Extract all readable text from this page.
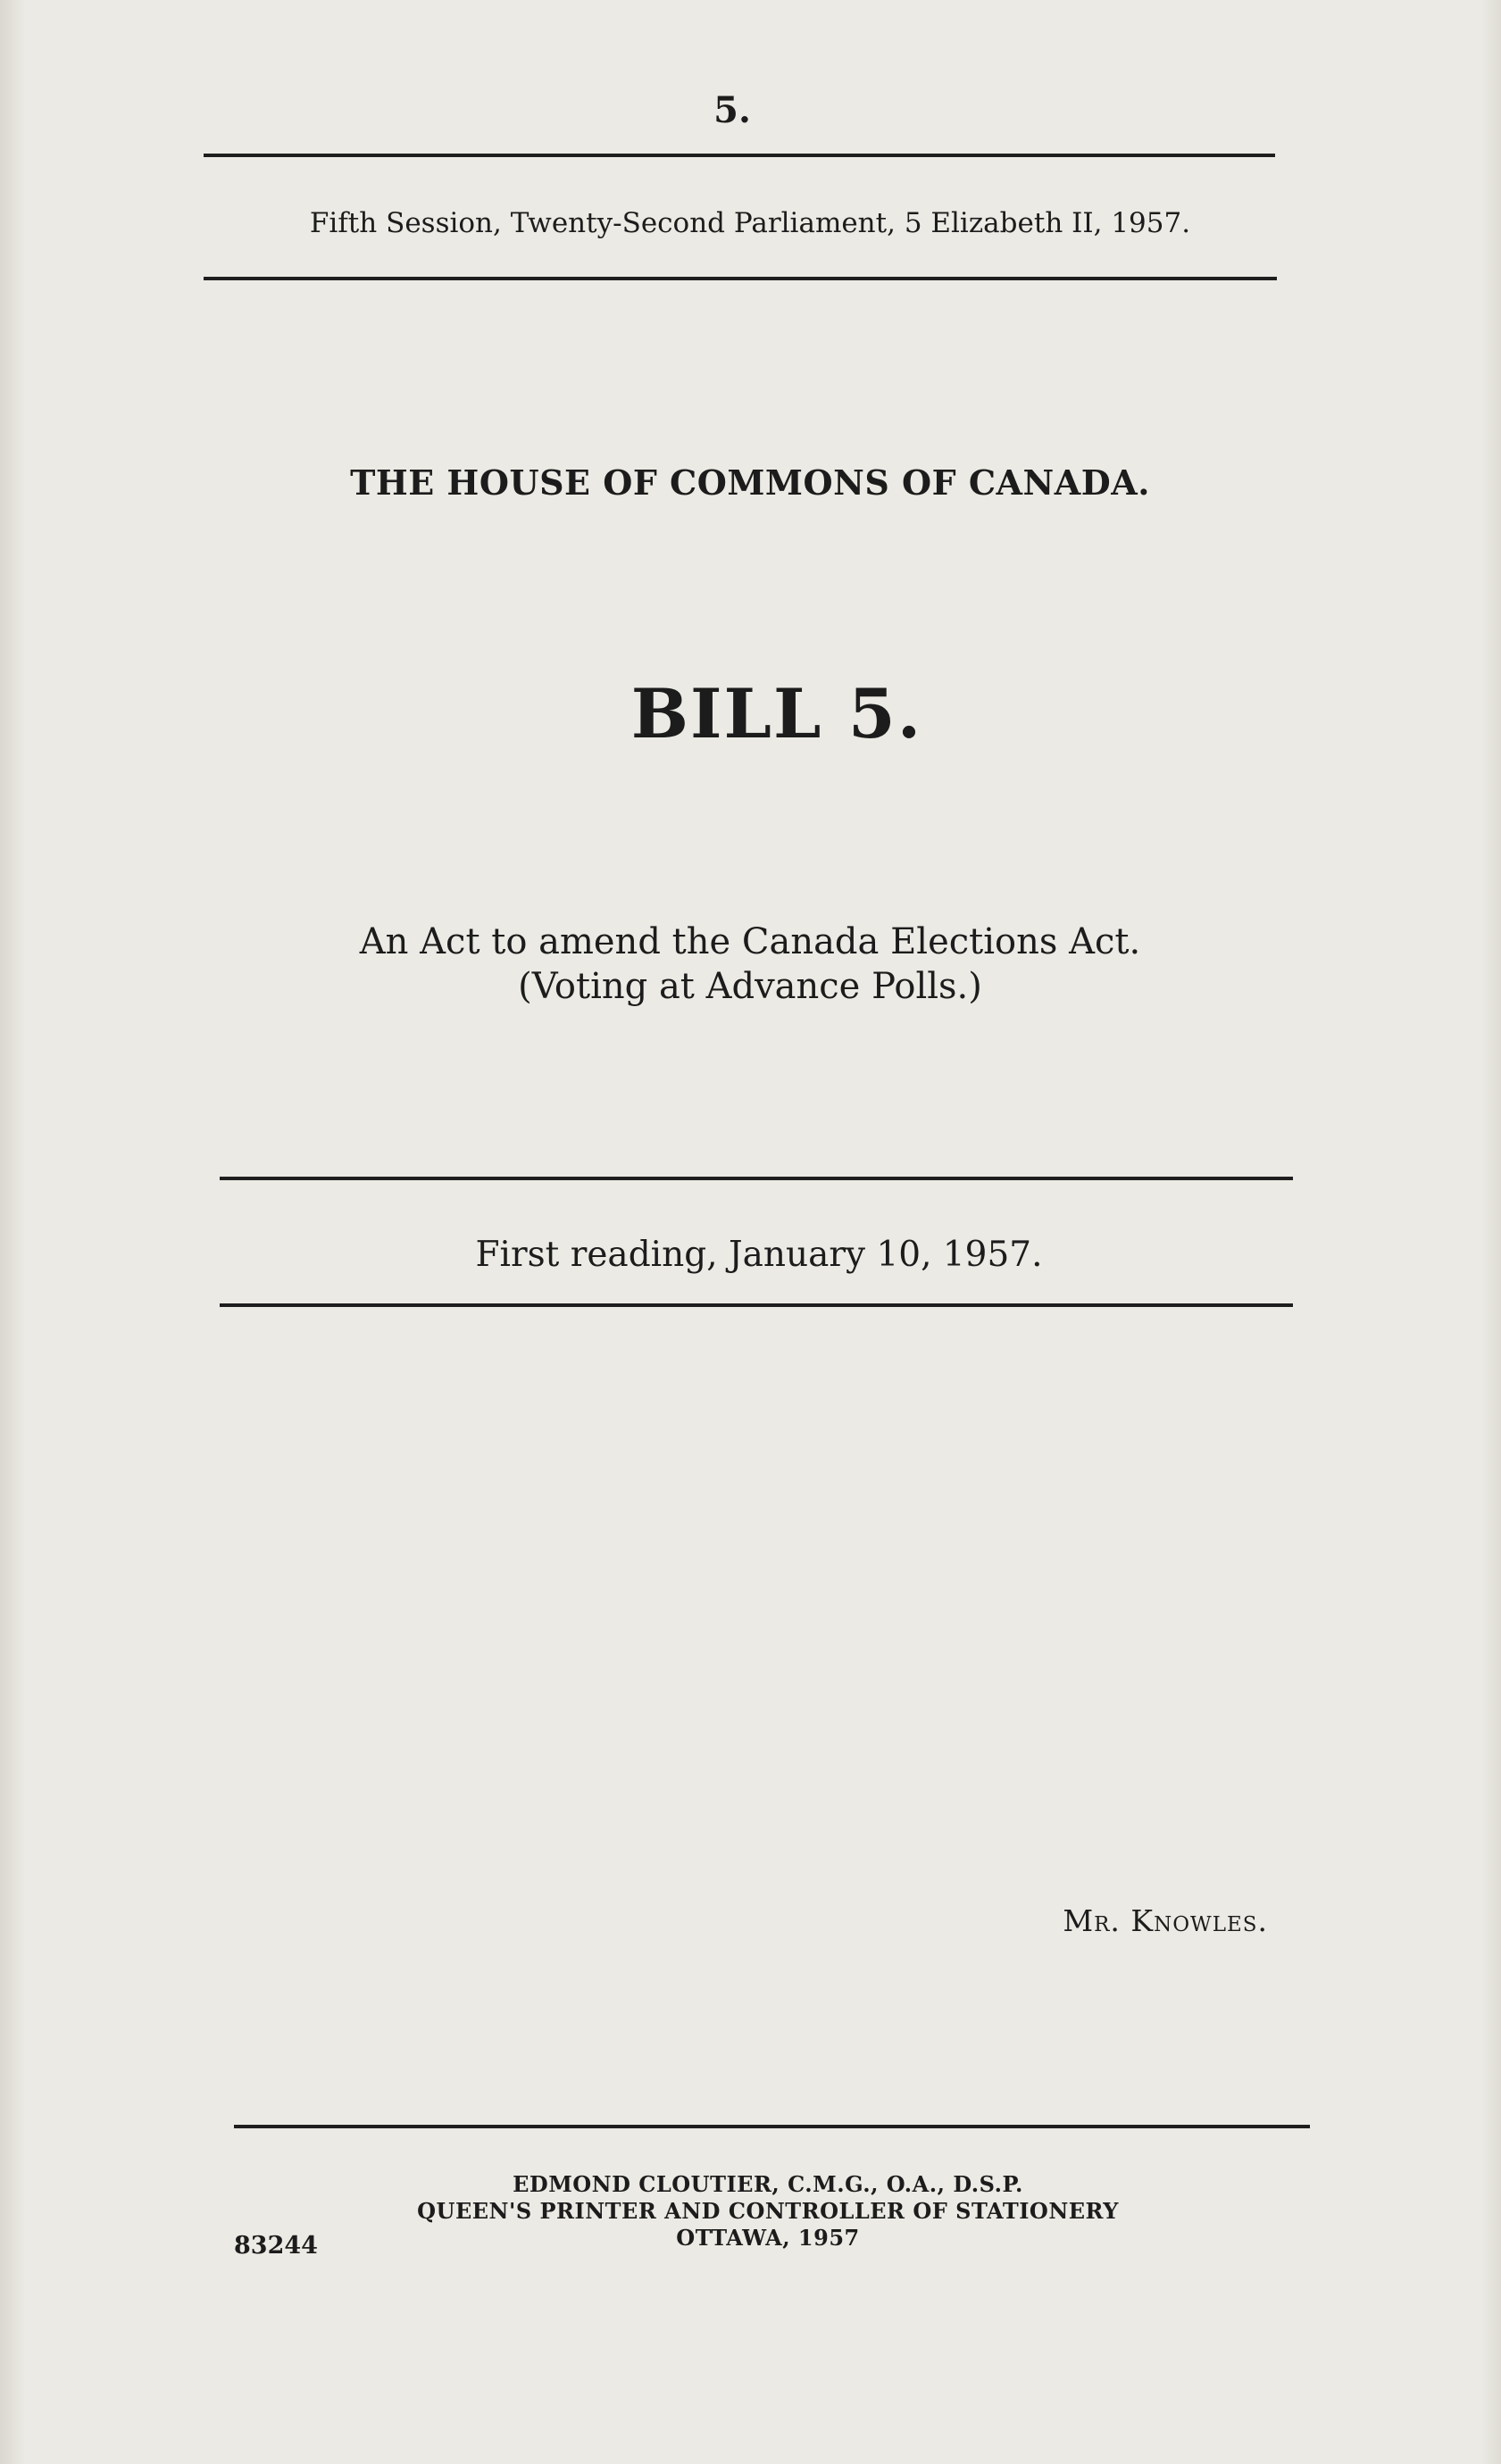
5.
Fifth Session, Twenty-Second Parliament, 5 Elizabeth II, 1957.
THE HOUSE OF COMMONS OF CANADA.
BILL 5.
An Act to amend the Canada Elections Act.
(Voting at Advance Polls.)
First reading, January 10, 1957.
Mr. Knowles.
EDMOND CLOUTIER, C.M.G., O.A., D.S.P.
QUEEN'S PRINTER AND CONTROLLER OF STATIONERY
OTTAWA, 1957
83244
